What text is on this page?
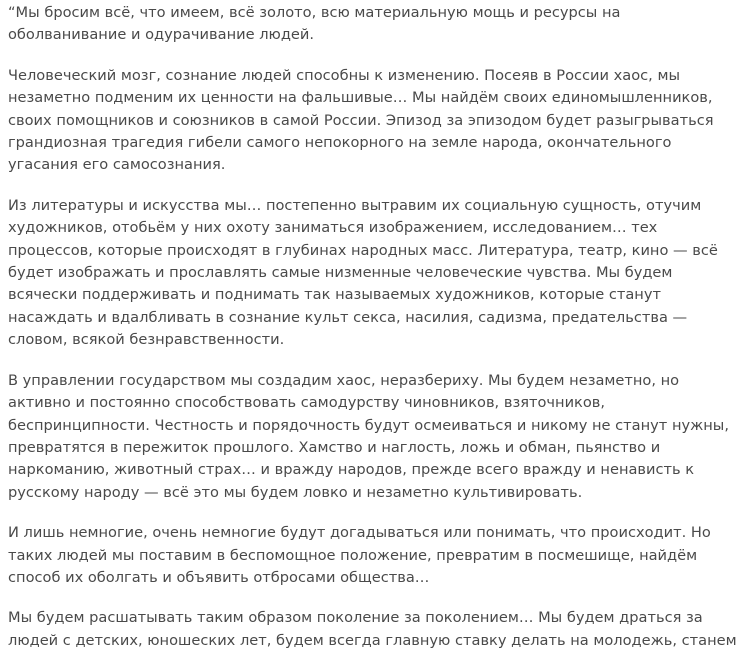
“Мы бросим всё, что имеем, всё золото, всю материальную мощь и ресурсы на
оболванивание и одурачивание людей.

Человеческий мозг, сознание людей способны к изменению. Посеяв в России хаос, мы
незаметно подменим их ценности на фальшивые… Мы найдём своих единомышленников,
своих помощников и союзников в самой России. Эпизод за эпизодом будет разыгрываться
грандиозная трагедия гибели самого непокорного на земле народа, окончательного
угасания его самосознания.

Из литературы и искусства мы… постепенно вытравим их социальную сущность, отучим
художников, отобьём у них охоту заниматься изображением, исследованием… тех
процессов, которые происходят в глубинах народных масс. Литература, театр, кино — всё
будет изображать и прославлять самые низменные человеческие чувства. Мы будем
всячески поддерживать и поднимать так называемых художников, которые станут
насаждать и вдалбливать в сознание культ секса, насилия, садизма, предательства —
словом, всякой безнравственности.

В управлении государством мы создадим хаос, неразбериху. Мы будем незаметно, но
активно и постоянно способствовать самодурству чиновников, взяточников,
беспринципности. Честность и порядочность будут осмеиваться и никому не станут нужны,
превратятся в пережиток прошлого. Хамство и наглость, ложь и обман, пьянство и
наркоманию, животный страх… и вражду народов, прежде всего вражду и ненависть к
русскому народу — всё это мы будем ловко и незаметно культивировать.

И лишь немногие, очень немногие будут догадываться или понимать, что происходит. Но
таких людей мы поставим в беспомощное положение, превратим в посмешище, найдём
способ их оболгать и объявить отбросами общества…

Мы будем расшатывать таким образом поколение за поколением… Мы будем драться за
людей с детских, юношеских лет, будем всегда главную ставку делать на молодежь, станем
